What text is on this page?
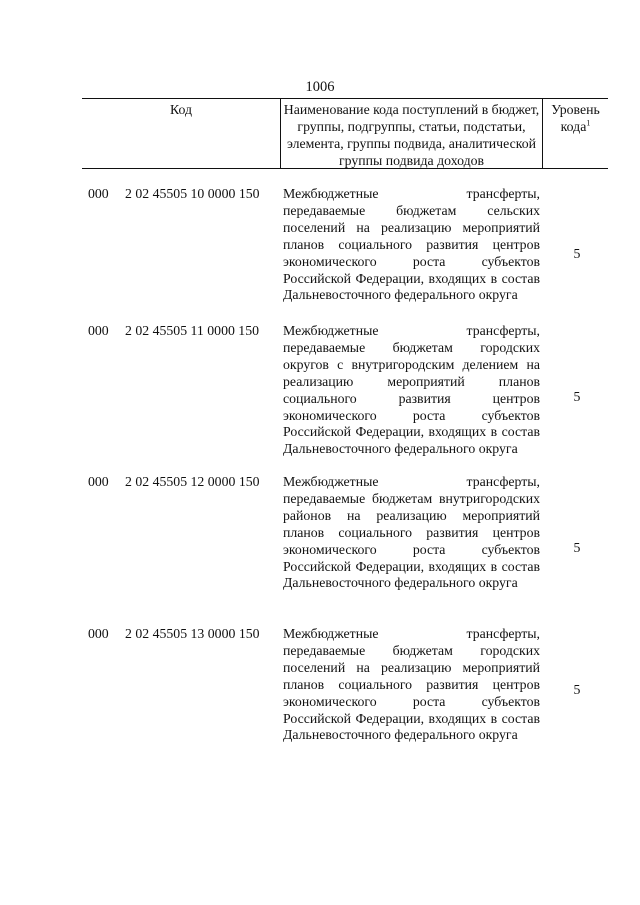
1006
Код	Наименование кода поступлений в бюджет, группы, подгруппы, статьи, подстатьи, элемента, группы подвида, аналитической группы подвида доходов
Уровень кода$^1$
000 2 02 45505 10 0000 150 Межбюджетные трансферты, передаваемые бюджетам сельских поселений на реализацию мероприятий планов социального развития центров экономического роста субъектов Российской Федерации, входящих в состав Дальневосточного федерального округа
5
000 2 02 45505 11 0000 150 Межбюджетные трансферты, передаваемые бюджетам городских округов с внутригородским делением на реализацию мероприятий планов социального развития центров экономического роста субъектов Российской Федерации, входящих в состав Дальневосточного федерального округа
5
000 2 02 45505 12 0000 150 Межбюджетные трансферты, передаваемые бюджетам внутригородских районов на реализацию мероприятий планов социального развития центров экономического роста субъектов Российской Федерации, входящих в состав Дальневосточного федерального округа
5
000 2 02 45505 13 0000 150 Межбюджетные трансферты, передаваемые бюджетам городских поселений на реализацию мероприятий планов социального развития центров экономического роста субъектов Российской Федерации, входящих в состав Дальневосточного федерального округа
5
